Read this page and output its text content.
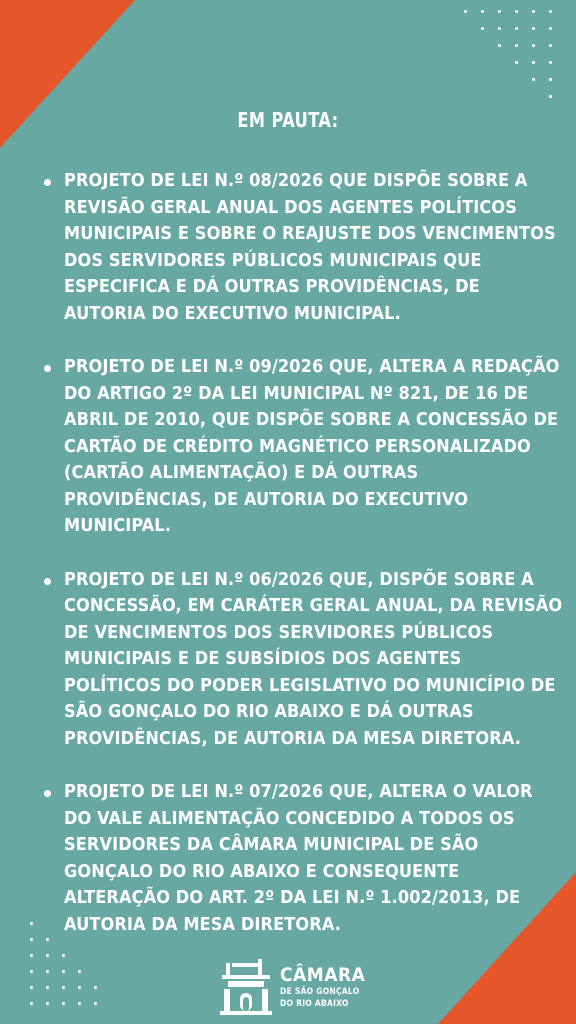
EM PAUTA:
PROJETO DE LEI N.º 08/2026 QUE DISPÕE SOBRE A REVISÃO GERAL ANUAL DOS AGENTES POLÍTICOS MUNICIPAIS E SOBRE O REAJUSTE DOS VENCIMENTOS DOS SERVIDORES PÚBLICOS MUNICIPAIS QUE ESPECIFICA E DÁ OUTRAS PROVIDÊNCIAS, DE AUTORIA DO EXECUTIVO MUNICIPAL.
PROJETO DE LEI N.º 09/2026 QUE, ALTERA A REDAÇÃO DO ARTIGO 2º DA LEI MUNICIPAL Nº 821, DE 16 DE ABRIL DE 2010, QUE DISPÕE SOBRE A CONCESSÃO DE CARTÃO DE CRÉDITO MAGNÉTICO PERSONALIZADO (CARTÃO ALIMENTAÇÃO) E DÁ OUTRAS PROVIDÊNCIAS, DE AUTORIA DO EXECUTIVO MUNICIPAL.
PROJETO DE LEI N.º 06/2026 QUE, DISPÕE SOBRE A CONCESSÃO, EM CARÁTER GERAL ANUAL, DA REVISÃO DE VENCIMENTOS DOS SERVIDORES PÚBLICOS MUNICIPAIS E DE SUBSÍDIOS DOS AGENTES POLÍTICOS DO PODER LEGISLATIVO DO MUNICÍPIO DE SÃO GONÇALO DO RIO ABAIXO E DÁ OUTRAS PROVIDÊNCIAS, DE AUTORIA DA MESA DIRETORA.
PROJETO DE LEI N.º 07/2026 QUE, ALTERA O VALOR DO VALE ALIMENTAÇÃO CONCEDIDO A TODOS OS SERVIDORES DA CÂMARA MUNICIPAL DE SÃO GONÇALO DO RIO ABAIXO E CONSEQUENTE ALTERAÇÃO DO ART. 2º DA LEI N.º 1.002/2013, DE AUTORIA DA MESA DIRETORA.
CÂMARA
DE SÃO GONÇALO
DO RIO ABAIXO
